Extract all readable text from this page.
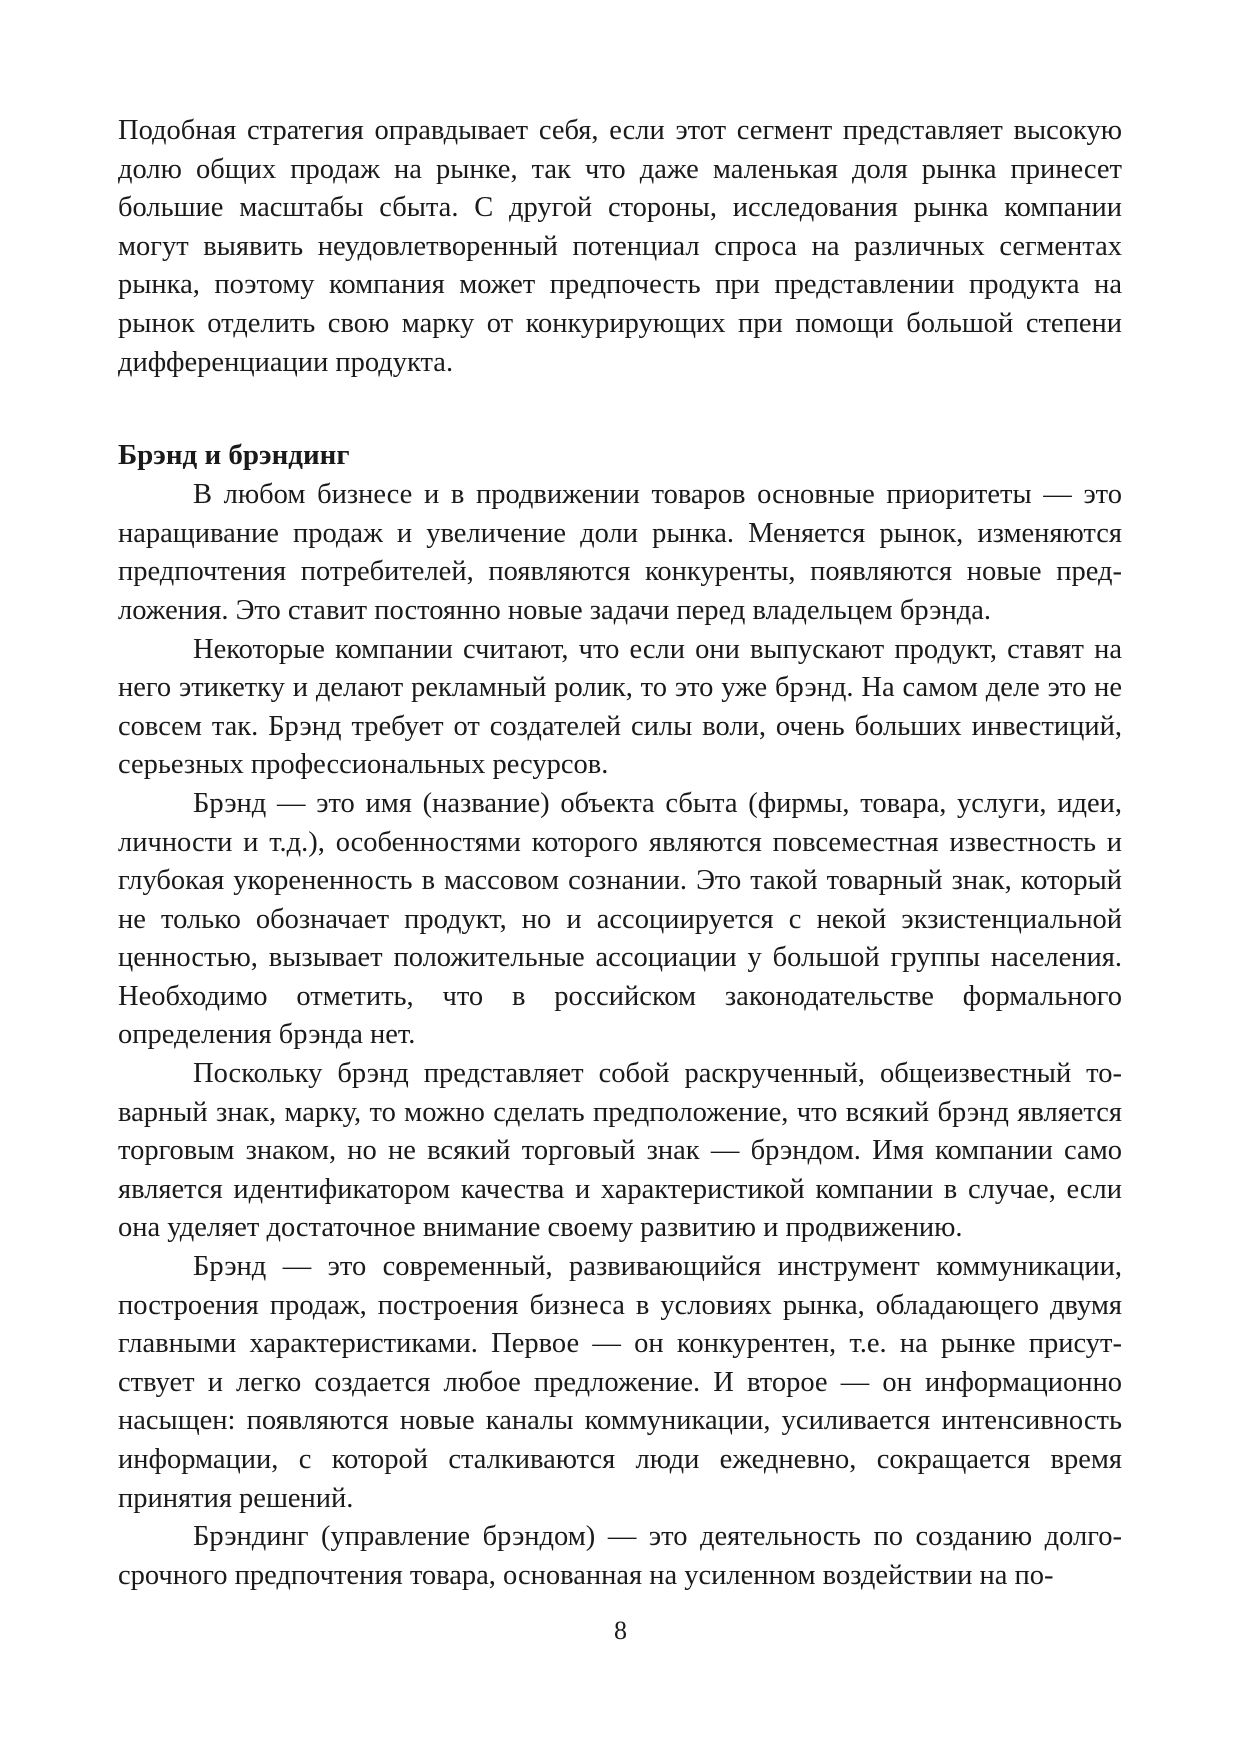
Подобная стратегия оправдывает себя, если этот сегмент представляет высокую долю общих продаж на рынке, так что даже маленькая доля рынка принесет большие масштабы сбыта. С другой стороны, исследования рынка компании могут выявить неудовлетворенный потенциал спроса на различных сегментах рынка, поэтому компания может предпочесть при представлении продукта на рынок отделить свою марку от конкурирующих при помощи большой степени дифференциации продукта.

Брэнд и брэндинг

В любом бизнесе и в продвижении товаров основные приоритеты — это наращивание продаж и увеличение доли рынка. Меняется рынок, изменяются предпочтения потребителей, появляются конкуренты, появляются новые предложения. Это ставит постоянно новые задачи перед владельцем брэнда.

Некоторые компании считают, что если они выпускают продукт, ставят на него этикетку и делают рекламный ролик, то это уже брэнд. На самом деле это не совсем так. Брэнд требует от создателей силы воли, очень больших инвестиций, серьезных профессиональных ресурсов.

Брэнд — это имя (название) объекта сбыта (фирмы, товара, услуги, идеи, личности и т.д.), особенностями которого являются повсеместная известность и глубокая укорененность в массовом сознании. Это такой товарный знак, который не только обозначает продукт, но и ассоциируется с некой экзистенциальной ценностью, вызывает положительные ассоциации у большой группы населения. Необходимо отметить, что в российском законодательстве формального определения брэнда нет.

Поскольку брэнд представляет собой раскрученный, общеизвестный товарный знак, марку, то можно сделать предположение, что всякий брэнд является торговым знаком, но не всякий торговый знак — брэндом. Имя компании само является идентификатором качества и характеристикой компании в случае, если она уделяет достаточное внимание своему развитию и продвижению.

Брэнд — это современный, развивающийся инструмент коммуникации, построения продаж, построения бизнеса в условиях рынка, обладающего двумя главными характеристиками. Первое — он конкурентен, т.е. на рынке присутствует и легко создается любое предложение. И второе — он информационно насыщен: появляются новые каналы коммуникации, усиливается интенсивность информации, с которой сталкиваются люди ежедневно, сокращается время принятия решений.

Брэндинг (управление брэндом) — это деятельность по созданию долгосрочного предпочтения товара, основанная на усиленном воздействии на по-

8
